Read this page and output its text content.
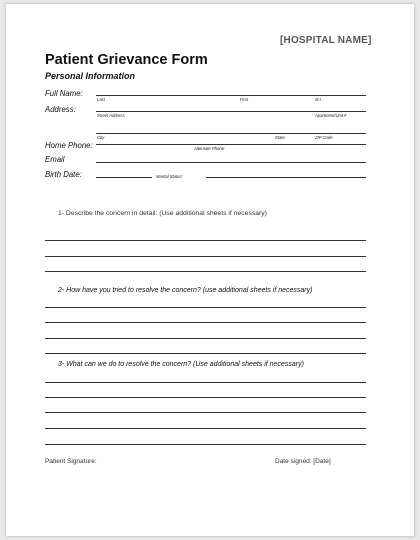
[HOSPITAL NAME]
Patient Grievance Form
Personal Information
Full Name:
Last	First	M.I.
Address:
Street Address	Apartment/Unit #
City	State	ZIP Code
Home Phone:	Alternate Phone:
Email
Birth Date:	Marital Status:
1- Describe the concern in detail: (Use additional sheets if necessary)
2- How have you tried to resolve the concern? (use additional sheets if necessary)
3- What can we do to resolve the concern? (Use additional sheets if necessary)
Patient Signature:	Date signed: [Date]
